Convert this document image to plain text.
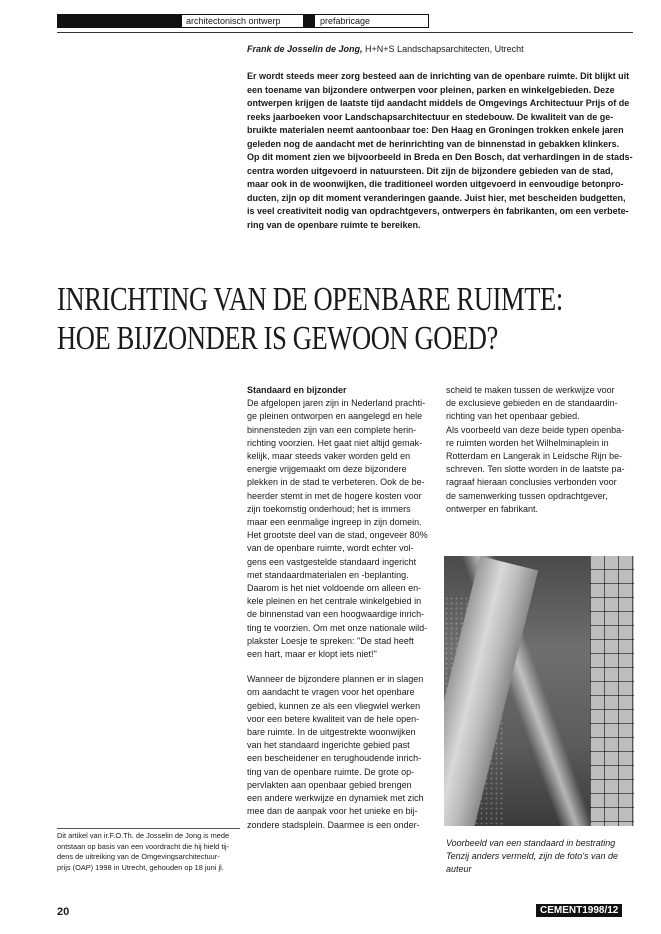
architectonisch ontwerp	prefabricage
Frank de Josselin de Jong, H+N+S Landschapsarchitecten, Utrecht
Er wordt steeds meer zorg besteed aan de inrichting van de openbare ruimte. Dit blijkt uit
een toename van bijzondere ontwerpen voor pleinen, parken en winkelgebieden. Deze
ontwerpen krijgen de laatste tijd aandacht middels de Omgevings Architectuur Prijs of de
reeks jaarboeken voor Landschapsarchitectuur en stedebouw. De kwaliteit van de ge-
bruikte materialen neemt aantoonbaar toe: Den Haag en Groningen trokken enkele jaren
geleden nog de aandacht met de herinrichting van de binnenstad in gebakken klinkers.
Op dit moment zien we bijvoorbeeld in Breda en Den Bosch, dat verhardingen in de stads-
centra worden uitgevoerd in natuursteen. Dit zijn de bijzondere gebieden van de stad,
maar ook in de woonwijken, die traditioneel worden uitgevoerd in eenvoudige betonpro-
ducten, zijn op dit moment veranderingen gaande. Juist hier, met bescheiden budgetten,
is veel creativiteit nodig van opdrachtgevers, ontwerpers èn fabrikanten, om een verbete-
ring van de openbare ruimte te bereiken.
INRICHTING VAN DE OPENBARE RUIMTE:
HOE BIJZONDER IS GEWOON GOED?
Standaard en bijzonder
De afgelopen jaren zijn in Nederland prachti-
ge pleinen ontworpen en aangelegd en hele
binnensteden zijn van een complete herin-
richting voorzien. Het gaat niet altijd gemak-
kelijk, maar steeds vaker worden geld en
energie vrijgemaakt om deze bijzondere
plekken in de stad te verbeteren. Ook de be-
heerder stemt in met de hogere kosten voor
zijn toekomstig onderhoud; het is immers
maar een eenmalige ingreep in zijn domein.
Het grootste deel van de stad, ongeveer 80%
van de openbare ruimte, wordt echter vol-
gens een vastgestelde standaard ingericht
met standaardmaterialen en -beplanting.
Daarom is het niet voldoende om alleen en-
kele pleinen en het centrale winkelgebied in
de binnenstad van een hoogwaardige inrich-
ting te voorzien. Om met onze nationale wild-
plakster Loesje te spreken: "De stad heeft
een hart, maar er klopt iets niet!"
Wanneer de bijzondere plannen er in slagen
om aandacht te vragen voor het openbare
gebied, kunnen ze als een vliegwiel werken
voor een betere kwaliteit van de hele open-
bare ruimte. In de uitgestrekte woonwijken
van het standaard ingerichte gebied past
een bescheidener en terughoudende inrich-
ting van de openbare ruimte. De grote op-
pervlakten aan openbaar gebied brengen
een andere werkwijze en dynamiek met zich
mee dan de aanpak voor het unieke en bij-
zondere stadsplein. Daarmee is een onder-
scheid te maken tussen de werkwijze voor
de exclusieve gebieden en de standaardin-
richting van het openbaar gebied.
Als voorbeeld van deze beide typen openba-
re ruimten worden het Wilhelminaplein in
Rotterdam en Langerak in Leidsche Rijn be-
schreven. Ten slotte worden in de laatste pa-
ragraaf hieraan conclusies verbonden voor
de samenwerking tussen opdrachtgever,
ontwerper en fabrikant.
Voorbeeld van een standaard in bestrating
Tenzij anders vermeld, zijn de foto's van de
auteur
Dit artikel van ir.F.O.Th. de Josselin de Jong is mede
ontstaan op basis van een voordracht die hij hield tij-
dens de uitreiking van de Omgevingsarchitectuur-
prijs (OAP) 1998 in Utrecht, gehouden op 18 juni jl.
20	CEMENT1998/12
